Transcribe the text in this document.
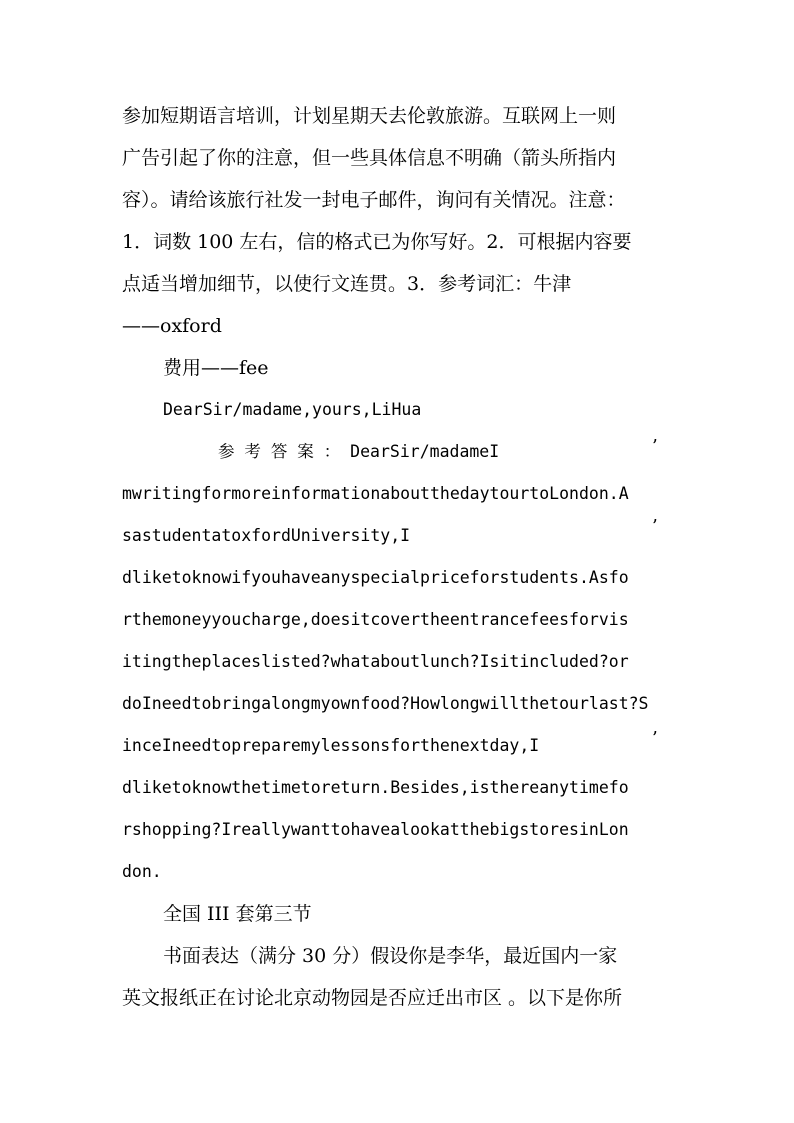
参加短期语言培训，计划星期天去伦敦旅游。互联网上一则
广告引起了你的注意，但一些具体信息不明确（箭头所指内
容）。请给该旅行社发一封电子邮件，询问有关情况。注意：
1．词数 100 左右，信的格式已为你写好。2．可根据内容要
点适当增加细节，以使行文连贯。3．参考词汇：牛津
——oxford
费用——fee
DearSir/madame,yours,LiHua
参 考 答 案 ： DearSir/madameI	’
mwritingformoreinformationaboutthedaytourtoLondon.A
sastudentatoxfordUniversity,I	’
dliketoknowifyouhaveanyspecialpriceforstudents.Asfo
rthemoneyyoucharge,doesitcovertheentrancefeesforvis
itingtheplaceslisted?whataboutlunch?Isitincluded?or
doIneedtobringalongmyownfood?Howlongwillthetourlast?S
inceIneedtopreparemylessonsforthenextday,I	’
dliketoknowthetimetoreturn.Besides,isthereanytimefo
rshopping?IreallywanttohavealookatthebigstoresinLon
don.
全国 III 套第三节
书面表达（满分 30 分）假设你是李华，最近国内一家
英文报纸正在讨论北京动物园是否应迁出市区 。以下是你所
